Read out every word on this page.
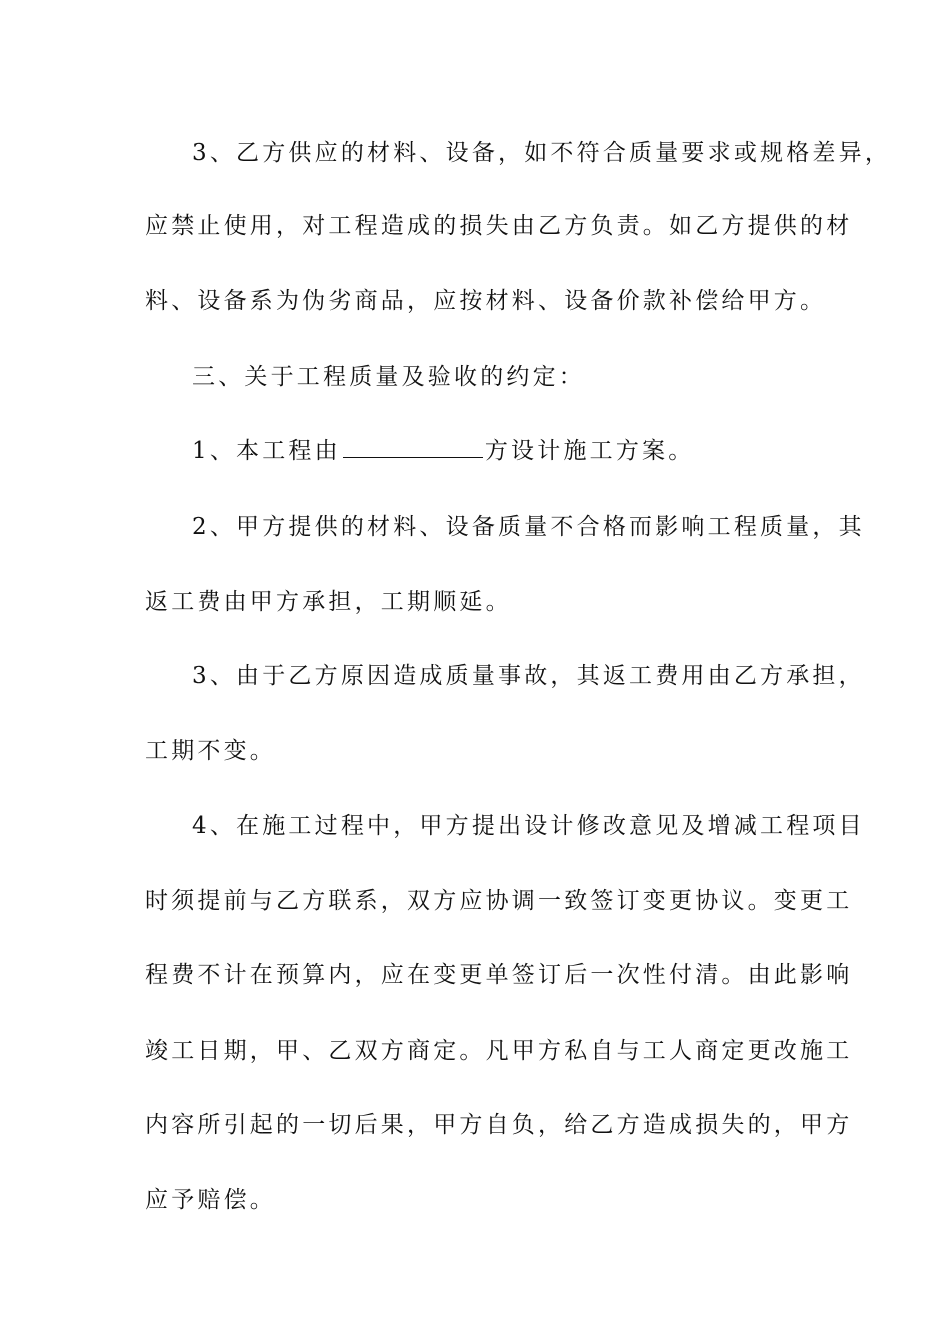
3、乙方供应的材料、设备，如不符合质量要求或规格差异，
应禁止使用，对工程造成的损失由乙方负责。如乙方提供的材
料、设备系为伪劣商品，应按材料、设备价款补偿给甲方。
三、关于工程质量及验收的约定：
1、本工程由	方设计施工方案。
2、甲方提供的材料、设备质量不合格而影响工程质量，其
返工费由甲方承担，工期顺延。
3、由于乙方原因造成质量事故，其返工费用由乙方承担，
工期不变。
4、在施工过程中，甲方提出设计修改意见及增减工程项目
时须提前与乙方联系，双方应协调一致签订变更协议。变更工
程费不计在预算内，应在变更单签订后一次性付清。由此影响
竣工日期，甲、乙双方商定。凡甲方私自与工人商定更改施工
内容所引起的一切后果，甲方自负，给乙方造成损失的，甲方
应予赔偿。
